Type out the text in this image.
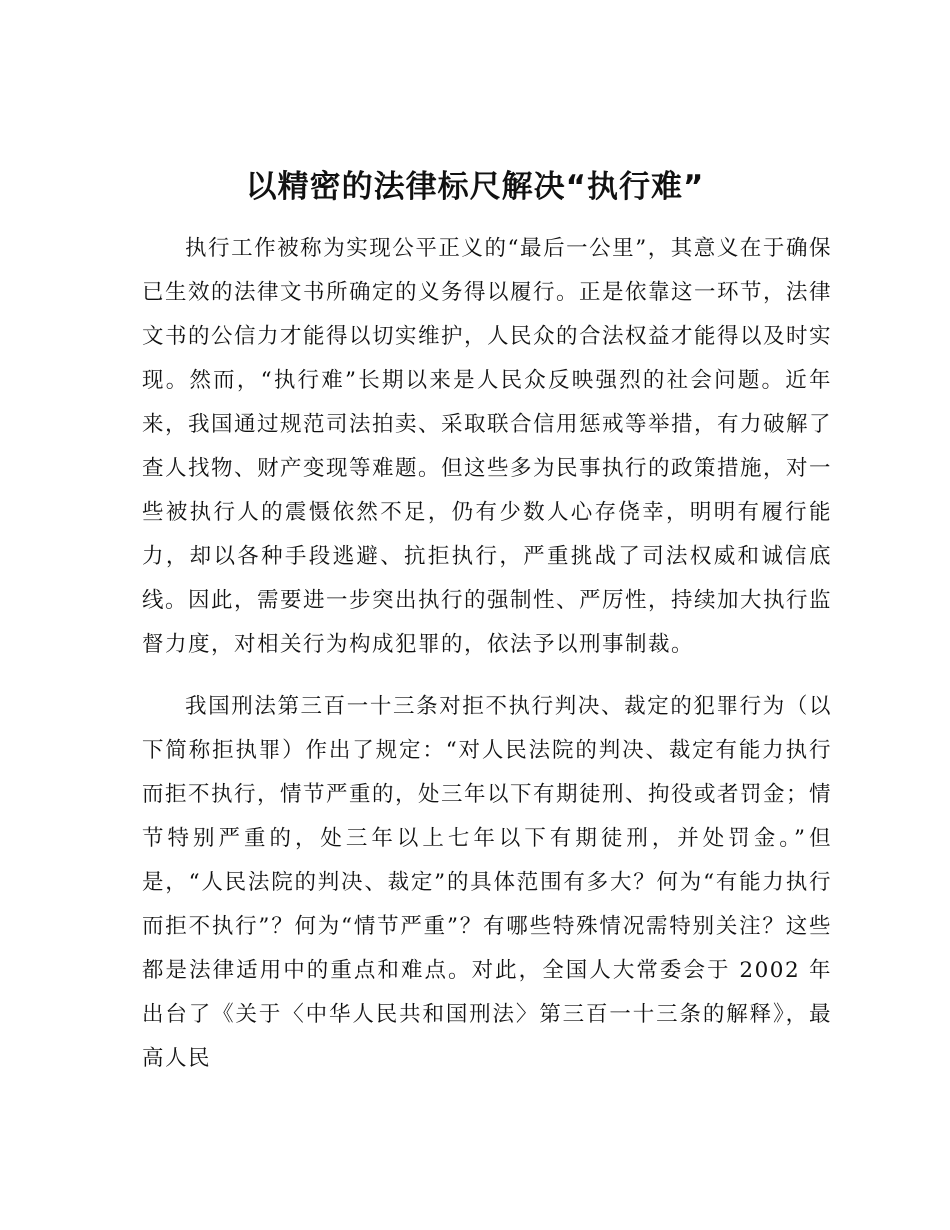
以精密的法律标尺解决“执行难”

执行工作被称为实现公平正义的“最后一公里”，其意义在于确保已生效的法律文书所确定的义务得以履行。正是依靠这一环节，法律文书的公信力才能得以切实维护，人民众的合法权益才能得以及时实现。然而，“执行难”长期以来是人民众反映强烈的社会问题。近年来，我国通过规范司法拍卖、采取联合信用惩戒等举措，有力破解了查人找物、财产变现等难题。但这些多为民事执行的政策措施，对一些被执行人的震慑依然不足，仍有少数人心存侥幸，明明有履行能力，却以各种手段逃避、抗拒执行，严重挑战了司法权威和诚信底线。因此，需要进一步突出执行的强制性、严厉性，持续加大执行监督力度，对相关行为构成犯罪的，依法予以刑事制裁。

我国刑法第三百一十三条对拒不执行判决、裁定的犯罪行为（以下简称拒执罪）作出了规定：“对人民法院的判决、裁定有能力执行而拒不执行，情节严重的，处三年以下有期徒刑、拘役或者罚金；情节特别严重的，处三年以上七年以下有期徒刑，并处罚金。”但是，“人民法院的判决、裁定”的具体范围有多大？何为“有能力执行而拒不执行”？何为“情节严重”？有哪些特殊情况需特别关注？这些都是法律适用中的重点和难点。对此，全国人大常委会于 2002 年出台了《关于〈中华人民共和国刑法〉第三百一十三条的解释》，最高人民
